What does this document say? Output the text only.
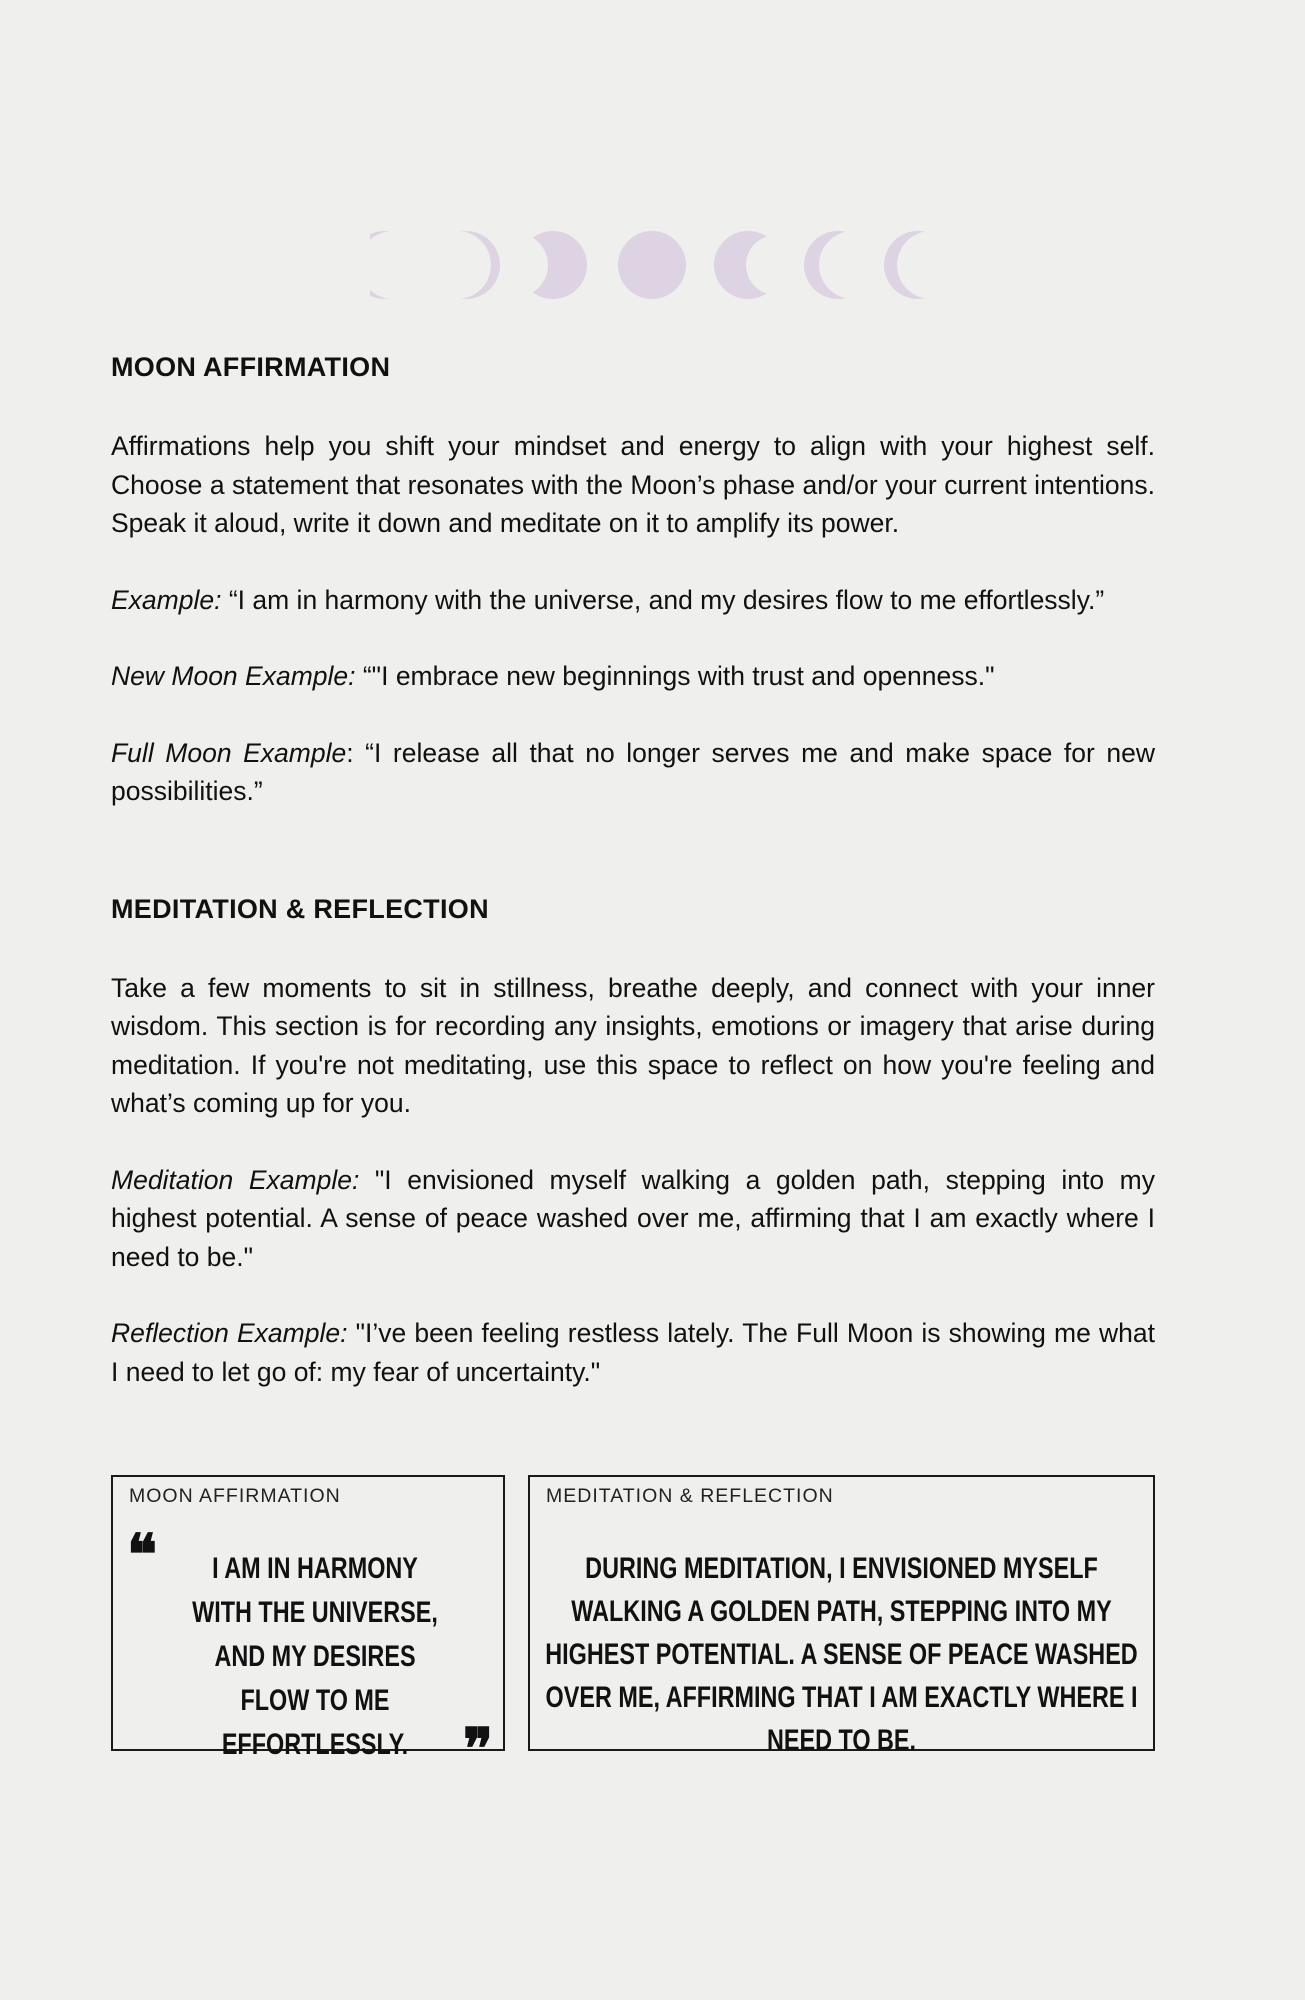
MOON AFFIRMATION

Affirmations help you shift your mindset and energy to align with your highest self. Choose a statement that resonates with the Moon’s phase and/or your current intentions. Speak it aloud, write it down and meditate on it to amplify its power.

Example: “I am in harmony with the universe, and my desires flow to me effortlessly.”

New Moon Example: “"I embrace new beginnings with trust and openness."

Full Moon Example: “I release all that no longer serves me and make space for new possibilities.”

MEDITATION & REFLECTION

Take a few moments to sit in stillness, breathe deeply, and connect with your inner wisdom. This section is for recording any insights, emotions or imagery that arise during meditation. If you're not meditating, use this space to reflect on how you're feeling and what’s coming up for you.

Meditation Example: "I envisioned myself walking a golden path, stepping into my highest potential. A sense of peace washed over me, affirming that I am exactly where I need to be."

Reflection Example: "I’ve been feeling restless lately. The Full Moon is showing me what I need to let go of: my fear of uncertainty."

MOON AFFIRMATION
❝	I AM IN HARMONY WITH THE UNIVERSE, AND MY DESIRES FLOW TO ME EFFORTLESSLY. ❞
MEDITATION & REFLECTION
DURING MEDITATION, I ENVISIONED MYSELF WALKING A GOLDEN PATH, STEPPING INTO MY HIGHEST POTENTIAL. A SENSE OF PEACE WASHED OVER ME, AFFIRMING THAT I AM EXACTLY WHERE I NEED TO BE.
